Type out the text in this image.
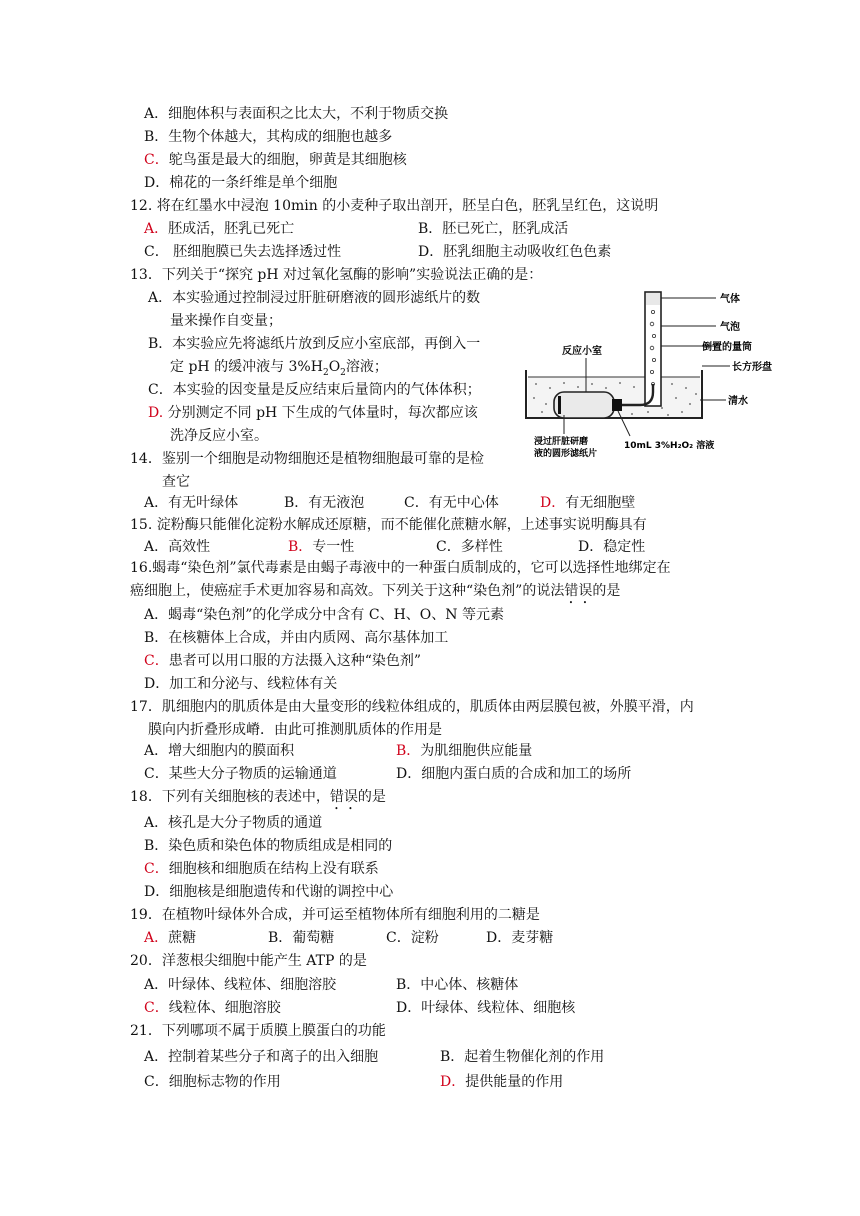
A．细胞体积与表面积之比太大，不利于物质交换
B．生物个体越大，其构成的细胞也越多
C．鸵鸟蛋是最大的细胞，卵黄是其细胞核
D．棉花的一条纤维是单个细胞
12. 将在红墨水中浸泡 10min 的小麦种子取出剖开，胚呈白色，胚乳呈红色，这说明
A．胚成活，胚乳已死亡	B．胚已死亡，胚乳成活
C． 胚细胞膜已失去选择透过性	D．胚乳细胞主动吸收红色色素
13．下列关于“探究 pH 对过氧化氢酶的影响”实验说法正确的是：
A．本实验通过控制浸过肝脏研磨液的圆形滤纸片的数
量来操作自变量；
B．本实验应先将滤纸片放到反应小室底部，再倒入一
定 pH 的缓冲液与 $3\%H_2O_2$溶液；
C．本实验的因变量是反应结束后量筒内的气体体积；
D. 分别测定不同 pH 下生成的气体量时，每次都应该
洗净反应小室。
气体
气泡
倒置的量筒
长方形盘
清水
反应小室
浸过肝脏研磨
液的圆形滤纸片
10mL 3%H₂O₂ 溶液
14．鉴别一个细胞是动物细胞还是植物细胞最可靠的是检
查它
A．有无叶绿体	B．有无液泡	C．有无中心体	D．有无细胞壁
15. 淀粉酶只能催化淀粉水解成还原糖，而不能催化蔗糖水解，上述事实说明酶具有
A．高效性	B．专一性	C．多样性	D．稳定性
16.蝎毒“染色剂”氯代毒素是由蝎子毒液中的一种蛋白质制成的，它可以选择性地绑定在
癌细胞上，使癌症手术更加容易和高效。下列关于这种“染色剂”的说法错误的是
A．蝎毒“染色剂”的化学成分中含有 C、H、O、N 等元素
B．在核糖体上合成，并由内质网、高尔基体加工
C．患者可以用口服的方法摄入这种“染色剂”
D．加工和分泌与、线粒体有关
17．肌细胞内的肌质体是由大量变形的线粒体组成的，肌质体由两层膜包被，外膜平滑，内
膜向内折叠形成嵴．由此可推测肌质体的作用是
A．增大细胞内的膜面积	B．为肌细胞供应能量
C．某些大分子物质的运输通道	D．细胞内蛋白质的合成和加工的场所
18．下列有关细胞核的表述中，错误的是
A．核孔是大分子物质的通道
B．染色质和染色体的物质组成是相同的
C．细胞核和细胞质在结构上没有联系
D．细胞核是细胞遗传和代谢的调控中心
19．在植物叶绿体外合成，并可运至植物体所有细胞利用的二糖是
A．蔗糖	B．葡萄糖	C．淀粉	D．麦芽糖
20．洋葱根尖细胞中能产生 ATP 的是
A．叶绿体、线粒体、细胞溶胶	B．中心体、核糖体
C．线粒体、细胞溶胶	D．叶绿体、线粒体、细胞核
21．下列哪项不属于质膜上膜蛋白的功能
A．控制着某些分子和离子的出入细胞	B．起着生物催化剂的作用
C．细胞标志物的作用	D．提供能量的作用
